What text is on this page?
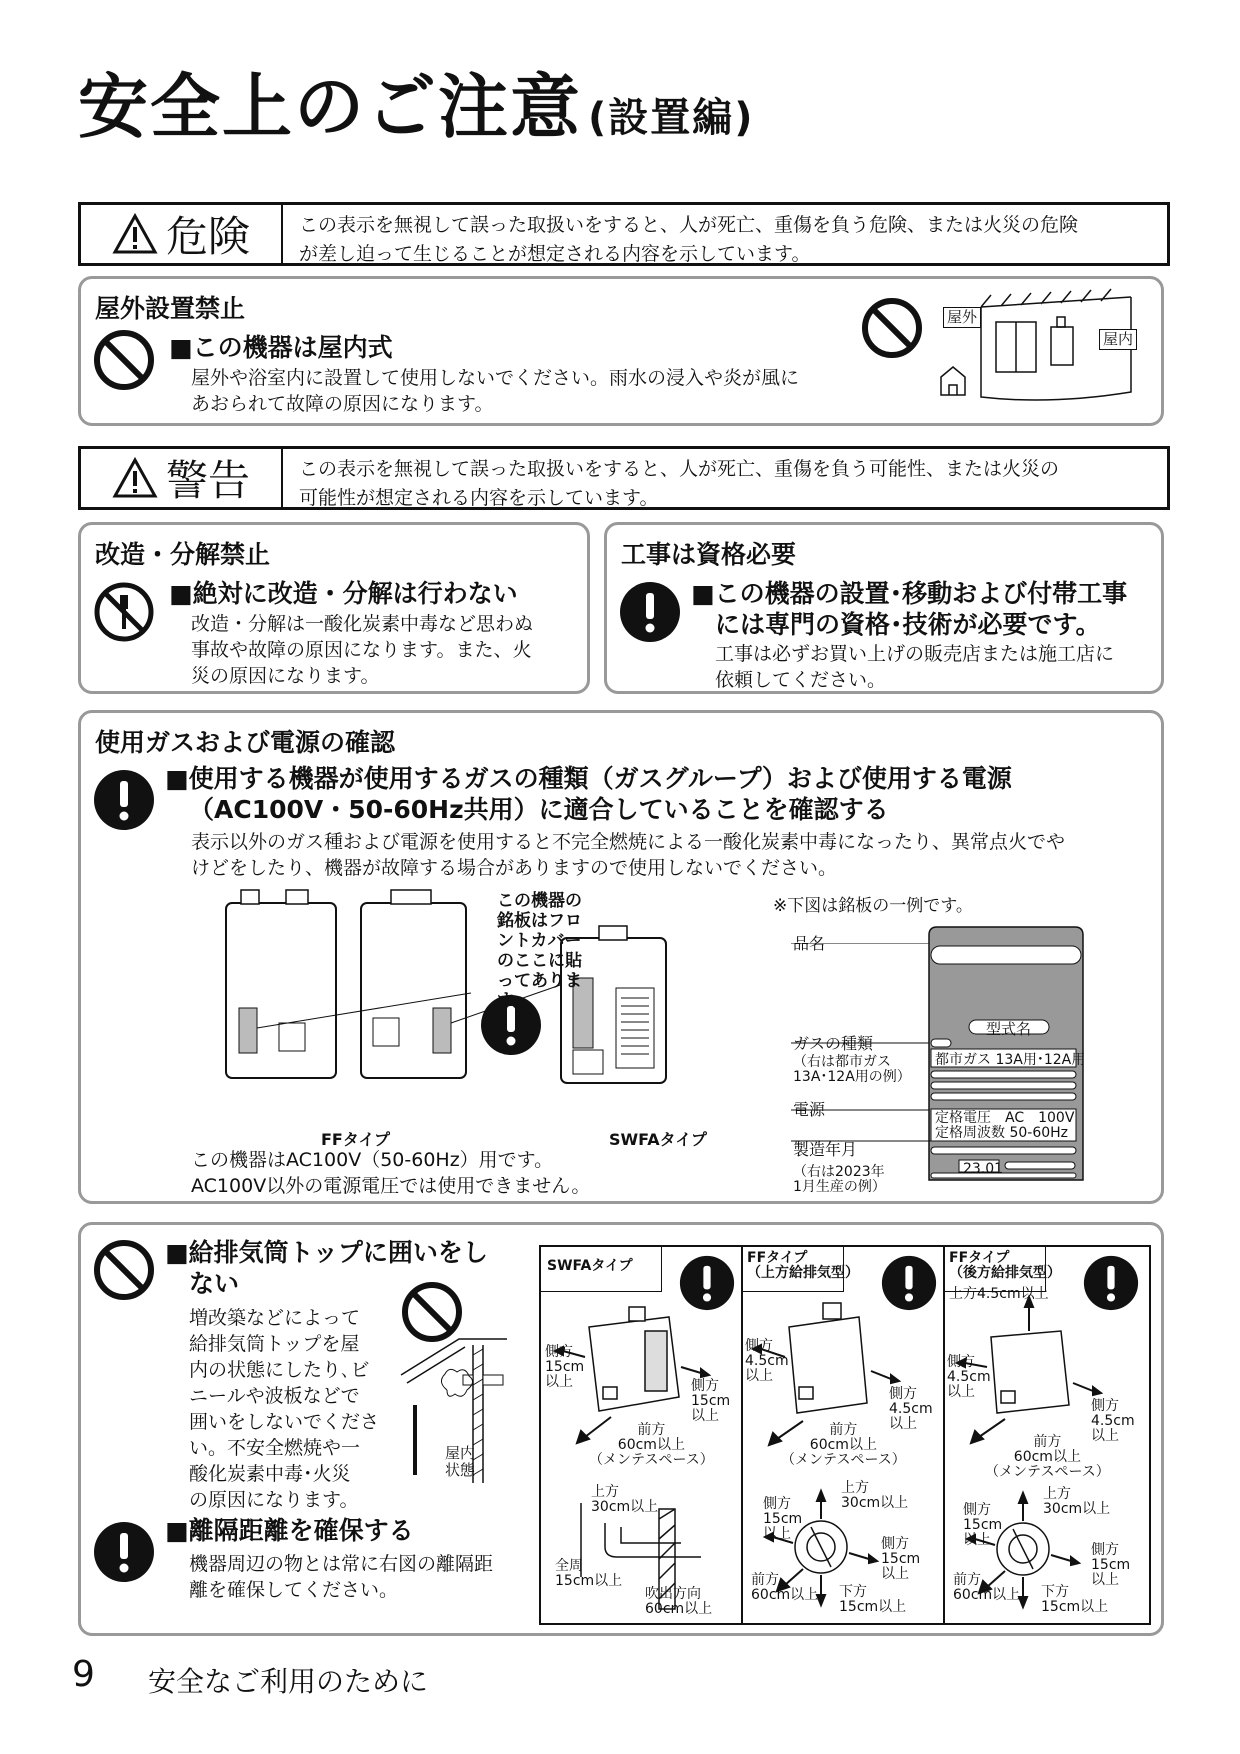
安全上のご注意 (設置編)
危険	この表示を無視して誤った取扱いをすると、人が死亡、重傷を負う危険、または火災の危険
が差し迫って生じることが想定される内容を示しています。
屋外設置禁止
■この機器は屋内式
屋外や浴室内に設置して使用しないでください。雨水の浸入や炎が風に
あおられて故障の原因になります。
屋外
屋内
警告	この表示を無視して誤った取扱いをすると、人が死亡、重傷を負う可能性、または火災の
可能性が想定される内容を示しています。
改造・分解禁止
■絶対に改造・分解は行わない
改造・分解は一酸化炭素中毒など思わぬ
事故や故障の原因になります。また、火
災の原因になります。
工事は資格必要
■この機器の設置･移動および付帯工事
には専門の資格･技術が必要です。
工事は必ずお買い上げの販売店または施工店に
依頼してください。
使用ガスおよび電源の確認
■使用する機器が使用するガスの種類（ガスグループ）および使用する電源
（AC100V・50-60Hz共用）に適合していることを確認する
表示以外のガス種および電源を使用すると不完全燃焼による一酸化炭素中毒になったり、異常点火でや
けどをしたり、機器が故障する場合がありますので使用しないでください。
この機器の
銘板はフロ
ントカバー
のここに貼
ってありま
す。
FFタイプ	SWFAタイプ
この機器はAC100V（50-60Hz）用です。
AC100V以外の電源電圧では使用できません。
※下図は銘板の一例です。
品名
型式名
ガスの種類
（右は都市ガス
13A･12A用の例）
都市ガス 13A用･12A用
電源	定格電圧　AC　100V
定格周波数 50-60Hz
製造年月
（右は2023年
1月生産の例）
23.01
■給排気筒トップに囲いをし
ない
増改築などによって
給排気筒トップを屋
内の状態にしたり､ビ
ニールや波板などで
囲いをしないでくださ
い。不安全燃焼や一
酸化炭素中毒･火災
の原因になります。
屋内
状態
■離隔距離を確保する
機器周辺の物とは常に右図の離隔距
離を確保してください。
SWFAタイプ	FFタイプ
（上方給排気型）
FFタイプ
（後方給排気型）
側方
15cm
以上	側方
15cm
以上
前方
60cm以上
（メンテスペース）
上方
30cm以上
全周
15cm以上
吹出方向
60cm以上
側方
4.5cm
以上
側方
4.5cm
以上
前方
60cm以上
（メンテスペース）
上方
30cm以上
側方
15cm
以上
側方
15cm
以上
前方
60cm以上 下方
15cm以上
上方4.5cm以上
側方
4.5cm
以上
側方
4.5cm
以上
前方
60cm以上
（メンテスペース）
上方
30cm以上
側方
15cm
以上
側方
15cm
以上
前方
60cm以上 下方
15cm以上
9 安全なご利用のために
